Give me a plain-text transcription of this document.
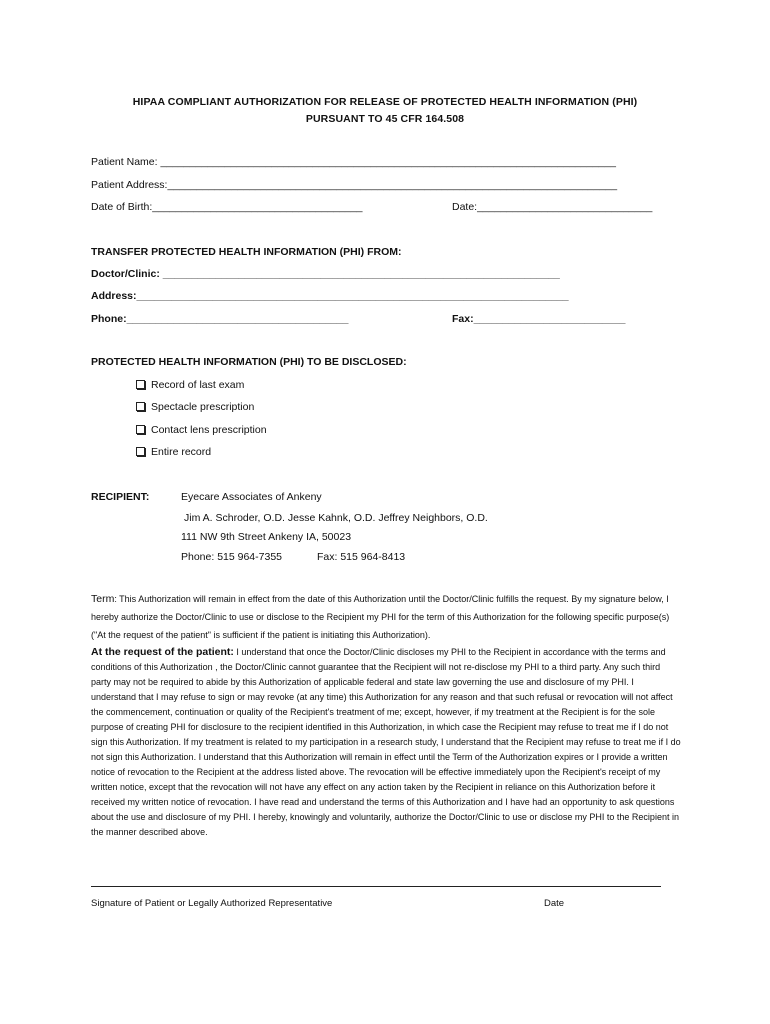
HIPAA COMPLIANT AUTHORIZATION FOR RELEASE OF PROTECTED HEALTH INFORMATION (PHI)
PURSUANT TO 45 CFR 164.508
Patient Name: ______________________________________________________________________________
Patient Address:_____________________________________________________________________________
Date of Birth:____________________________________	Date:______________________________
TRANSFER PROTECTED HEALTH INFORMATION (PHI) FROM:
Doctor/Clinic: ____________________________________________________________________
Address:__________________________________________________________________________
Phone:______________________________________	Fax:__________________________
PROTECTED HEALTH INFORMATION (PHI) TO BE DISCLOSED:
Record of last exam
Spectacle prescription
Contact lens prescription
Entire record
RECIPIENT:	Eyecare Associates of Ankeny
Jim A. Schroder, O.D. Jesse Kahnk, O.D. Jeffrey Neighbors, O.D.
111 NW 9th Street Ankeny IA, 50023
Phone: 515 964-7355	Fax: 515 964-8413
Term: This Authorization will remain in effect from the date of this Authorization until the Doctor/Clinic fulfills the request. By my signature below, I hereby authorize the Doctor/Clinic to use or disclose to the Recipient my PHI for the term of this Authorization for the following specific purpose(s) ("At the request of the patient" is sufficient if the patient is initiating this Authorization).
At the request of the patient: I understand that once the Doctor/Clinic discloses my PHI to the Recipient in accordance with the terms and conditions of this Authorization , the Doctor/Clinic cannot guarantee that the Recipient will not re-disclose my PHI to a third party. Any such third party may not be required to abide by this Authorization of applicable federal and state law governing the use and disclosure of my PHI. I understand that I may refuse to sign or may revoke (at any time) this Authorization for any reason and that such refusal or revocation will not affect the commencement, continuation or quality of the Recipient's treatment of me; except, however, if my treatment at the Recipient is for the sole purpose of creating PHI for disclosure to the recipient identified in this Authorization, in which case the Recipient may refuse to treat me if I do not sign this Authorization. If my treatment is related to my participation in a research study, I understand that the Recipient may refuse to treat me if I do not sign this Authorization. I understand that this Authorization will remain in effect until the Term of the Authorization expires or I provide a written notice of revocation to the Recipient at the address listed above. The revocation will be effective immediately upon the Recipient's receipt of my written notice, except that the revocation will not have any effect on any action taken by the Recipient in reliance on this Authorization before it received my written notice of revocation. I have read and understand the terms of this Authorization and I have had an opportunity to ask questions about the use and disclosure of my PHI. I hereby, knowingly and voluntarily, authorize the Doctor/Clinic to use or disclose my PHI to the Recipient in the manner described above.
Signature of Patient or Legally Authorized Representative	Date
